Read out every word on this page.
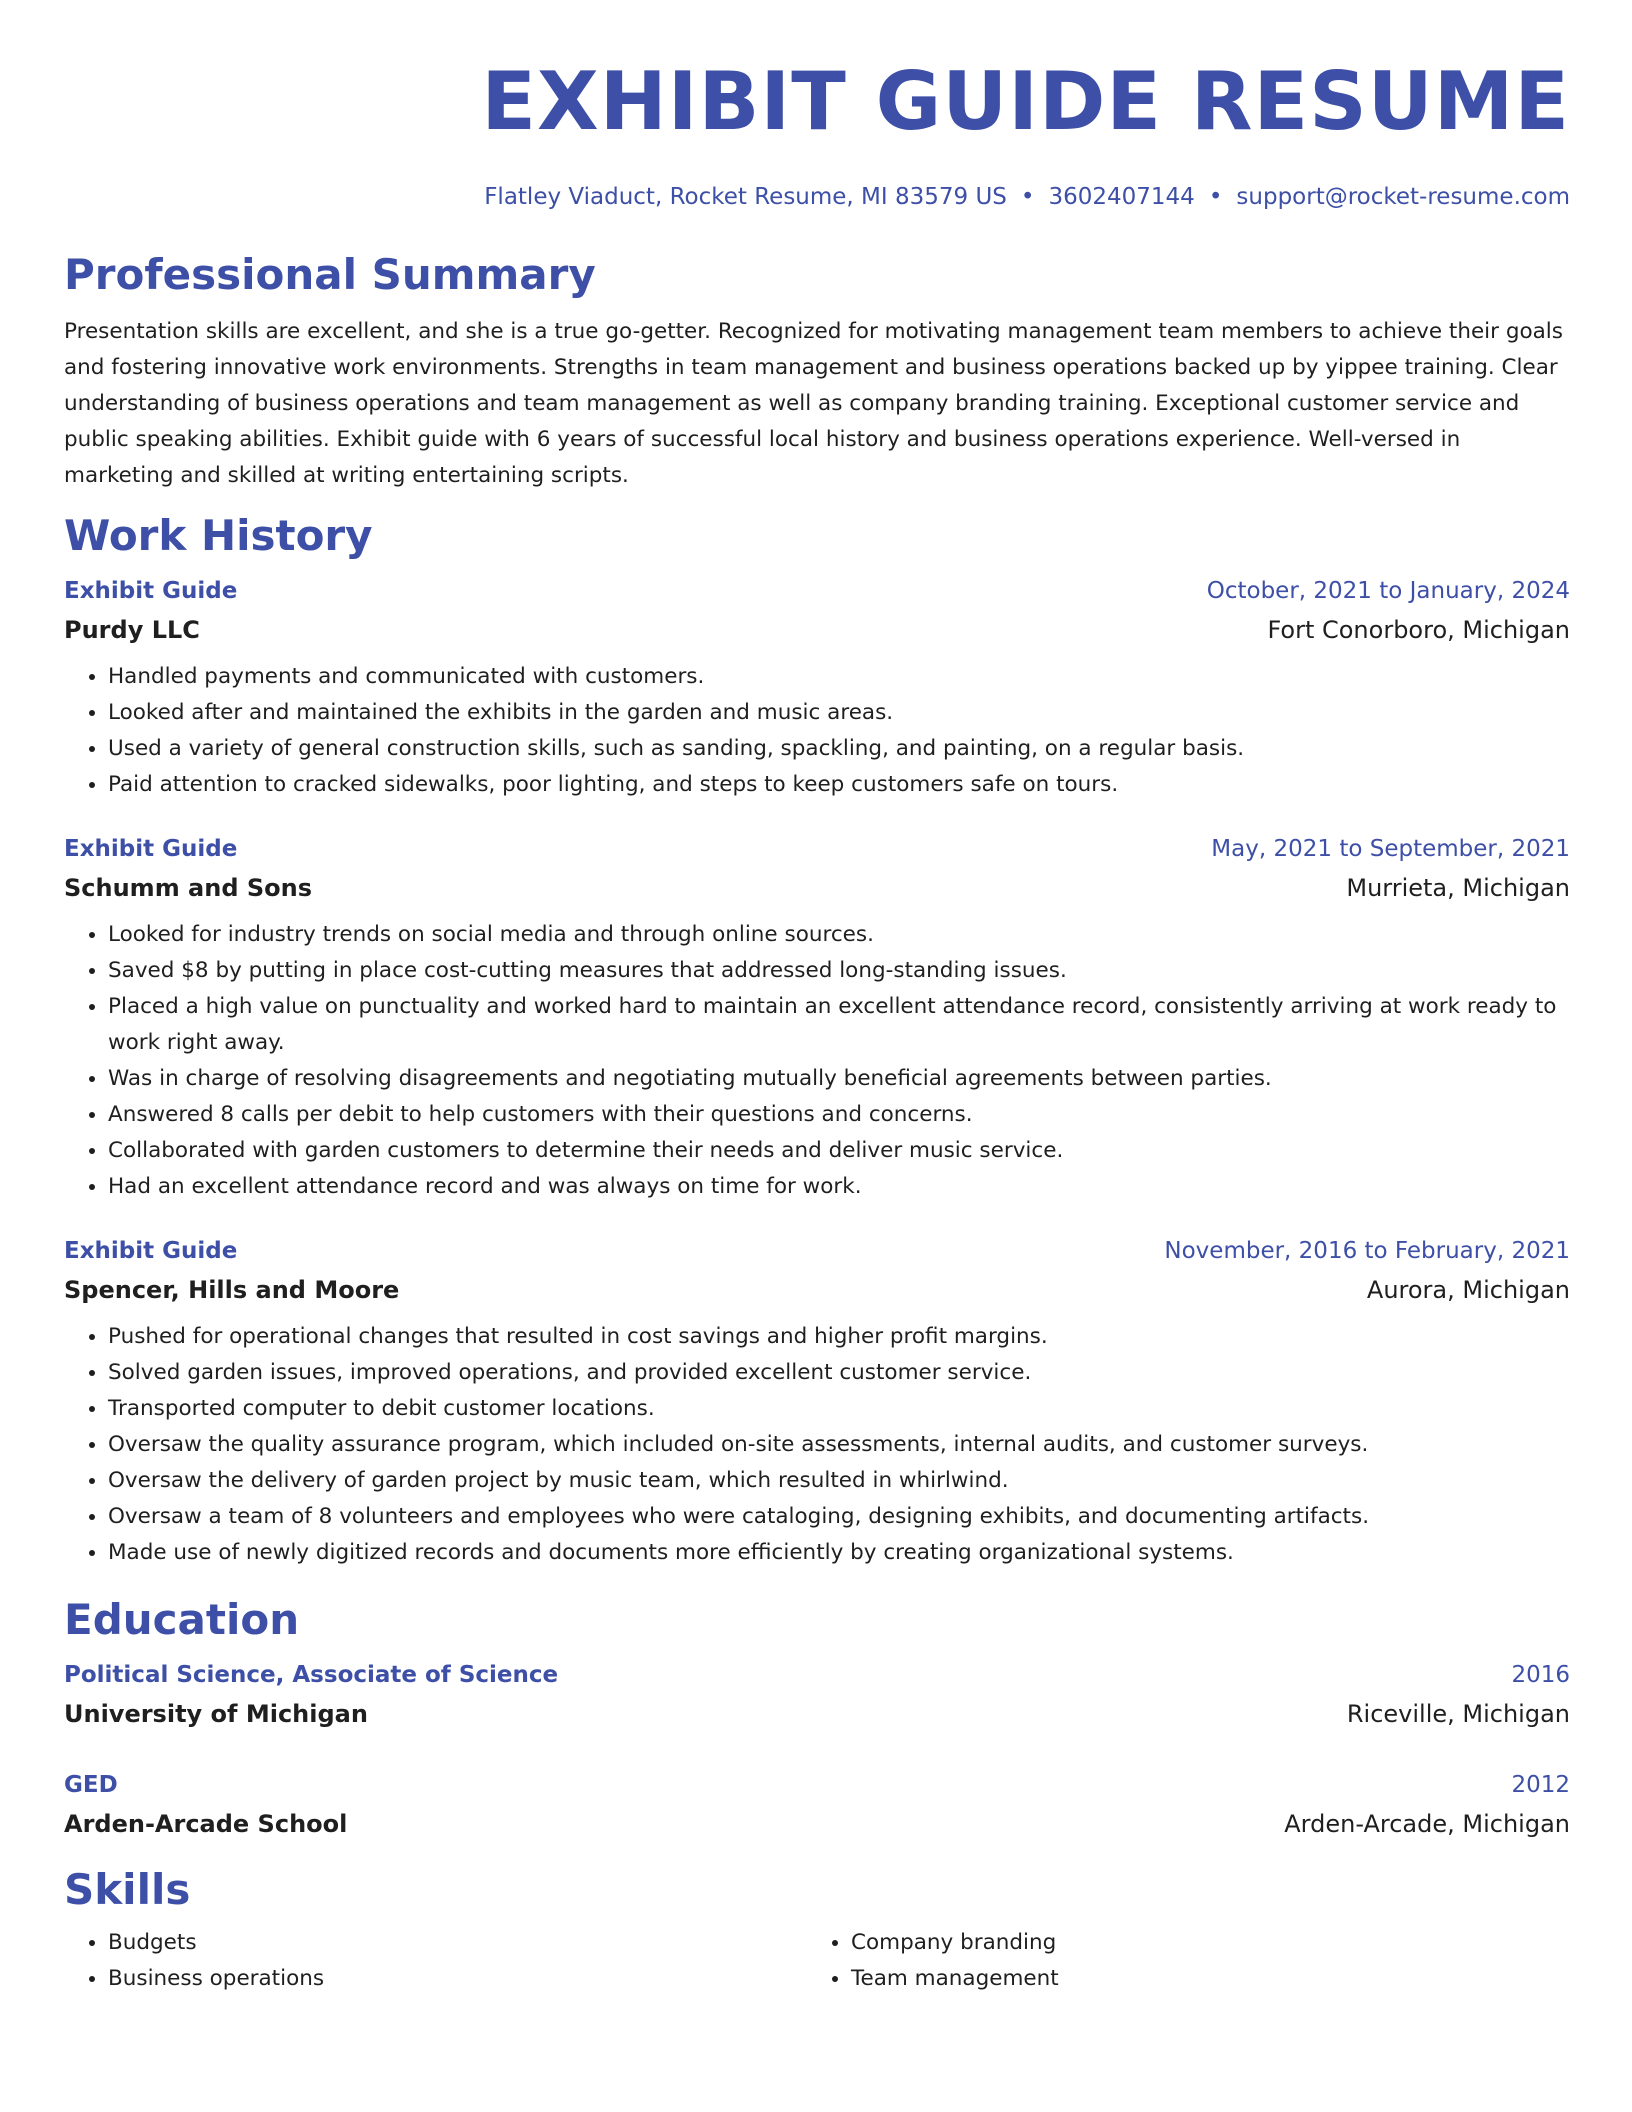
EXHIBIT GUIDE RESUME
Flatley Viaduct, Rocket Resume, MI 83579 US • 3602407144 • support@rocket-resume.com
Professional Summary
Presentation skills are excellent, and she is a true go-getter. Recognized for motivating management team members to achieve their goals and fostering innovative work environments. Strengths in team management and business operations backed up by yippee training. Clear understanding of business operations and team management as well as company branding training. Exceptional customer service and public speaking abilities. Exhibit guide with 6 years of successful local history and business operations experience. Well-versed in marketing and skilled at writing entertaining scripts.
Work History
Exhibit Guide	October, 2021 to January, 2024
Purdy LLC	Fort Conorboro, Michigan
• Handled payments and communicated with customers.
• Looked after and maintained the exhibits in the garden and music areas.
• Used a variety of general construction skills, such as sanding, spackling, and painting, on a regular basis.
• Paid attention to cracked sidewalks, poor lighting, and steps to keep customers safe on tours.
Exhibit Guide	May, 2021 to September, 2021
Schumm and Sons	Murrieta, Michigan
• Looked for industry trends on social media and through online sources.
• Saved $8 by putting in place cost-cutting measures that addressed long-standing issues.
• Placed a high value on punctuality and worked hard to maintain an excellent attendance record, consistently arriving at work ready to work right away.
• Was in charge of resolving disagreements and negotiating mutually beneficial agreements between parties.
• Answered 8 calls per debit to help customers with their questions and concerns.
• Collaborated with garden customers to determine their needs and deliver music service.
• Had an excellent attendance record and was always on time for work.
Exhibit Guide	November, 2016 to February, 2021
Spencer, Hills and Moore	Aurora, Michigan
• Pushed for operational changes that resulted in cost savings and higher profit margins.
• Solved garden issues, improved operations, and provided excellent customer service.
• Transported computer to debit customer locations.
• Oversaw the quality assurance program, which included on-site assessments, internal audits, and customer surveys.
• Oversaw the delivery of garden project by music team, which resulted in whirlwind.
• Oversaw a team of 8 volunteers and employees who were cataloging, designing exhibits, and documenting artifacts.
• Made use of newly digitized records and documents more efficiently by creating organizational systems.
Education
Political Science, Associate of Science	2016
University of Michigan	Riceville, Michigan
GED	2012
Arden-Arcade School	Arden-Arcade, Michigan
Skills
• Budgets
• Business operations
• Company branding
• Team management
